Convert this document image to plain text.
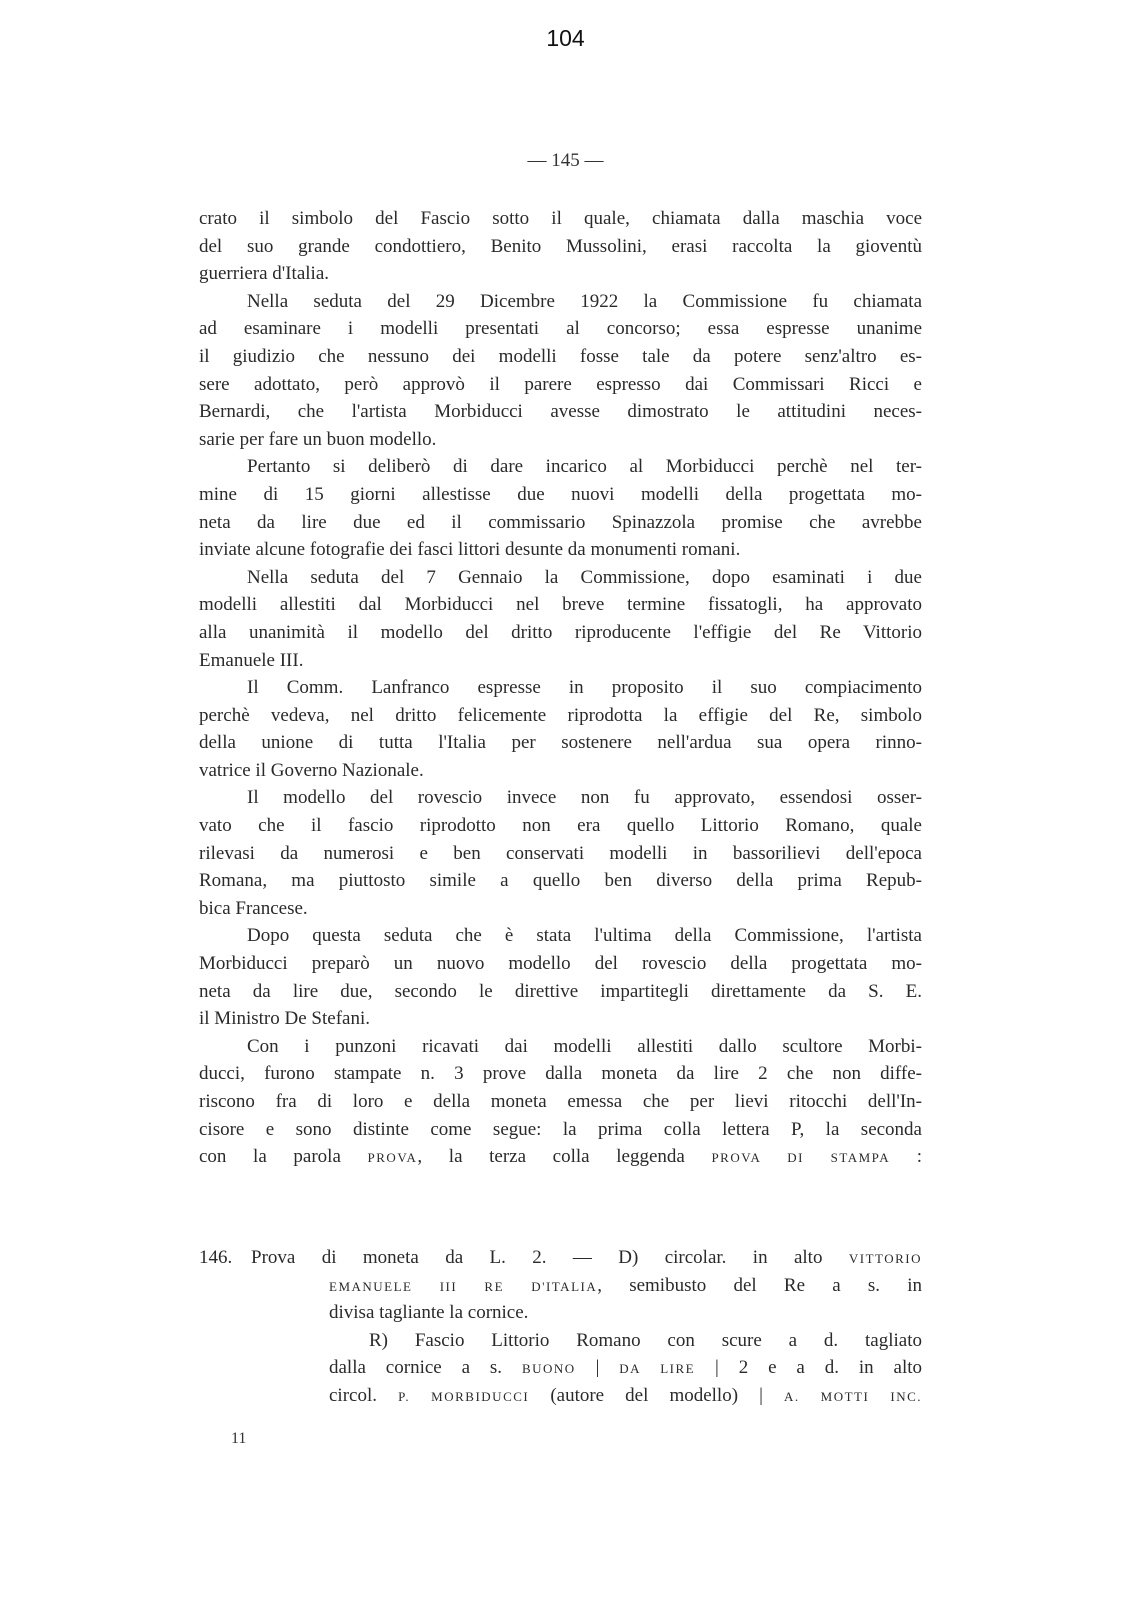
104
— 145 —
crato il simbolo del Fascio sotto il quale, chiamata dalla maschia voce
del suo grande condottiero, Benito Mussolini, erasi raccolta la gioventù
guerriera d'Italia.
Nella seduta del 29 Dicembre 1922 la Commissione fu chiamata
ad esaminare i modelli presentati al concorso; essa espresse unanime
il giudizio che nessuno dei modelli fosse tale da potere senz'altro es-
sere adottato, però approvò il parere espresso dai Commissari Ricci e
Bernardi, che l'artista Morbiducci avesse dimostrato le attitudini neces-
sarie per fare un buon modello.
Pertanto si deliberò di dare incarico al Morbiducci perchè nel ter-
mine di 15 giorni allestisse due nuovi modelli della progettata mo-
neta da lire due ed il commissario Spinazzola promise che avrebbe
inviate alcune fotografie dei fasci littori desunte da monumenti romani.
Nella seduta del 7 Gennaio la Commissione, dopo esaminati i due
modelli allestiti dal Morbiducci nel breve termine fissatogli, ha approvato
alla unanimità il modello del dritto riproducente l'effigie del Re Vittorio
Emanuele III.
Il Comm. Lanfranco espresse in proposito il suo compiacimento
perchè vedeva, nel dritto felicemente riprodotta la effigie del Re, simbolo
della unione di tutta l'Italia per sostenere nell'ardua sua opera rinno-
vatrice il Governo Nazionale.
Il modello del rovescio invece non fu approvato, essendosi osser-
vato che il fascio riprodotto non era quello Littorio Romano, quale
rilevasi da numerosi e ben conservati modelli in bassorilievi dell'epoca
Romana, ma piuttosto simile a quello ben diverso della prima Repub-
bica Francese.
Dopo questa seduta che è stata l'ultima della Commissione, l'artista
Morbiducci preparò un nuovo modello del rovescio della progettata mo-
neta da lire due, secondo le direttive impartitegli direttamente da S. E.
il Ministro De Stefani.
Con i punzoni ricavati dai modelli allestiti dallo scultore Morbi-
ducci, furono stampate n. 3 prove dalla moneta da lire 2 che non diffe-
riscono fra di loro e della moneta emessa che per lievi ritocchi dell'In-
cisore e sono distinte come segue: la prima colla lettera P, la seconda
con la parola PROVA, la terza colla leggenda PROVA DI STAMPA :
146. Prova di moneta da L. 2. — D) circolar. in alto VITTORIO
EMANUELE III RE D'ITALIA, semibusto del Re a s. in
divisa tagliante la cornice.
R) Fascio Littorio Romano con scure a d. tagliato
dalla cornice a s. BUONO | DA LIRE | 2 e a d. in alto
circol. P. MORBIDUCCI (autore del modello) | A. MOTTI INC.
11
